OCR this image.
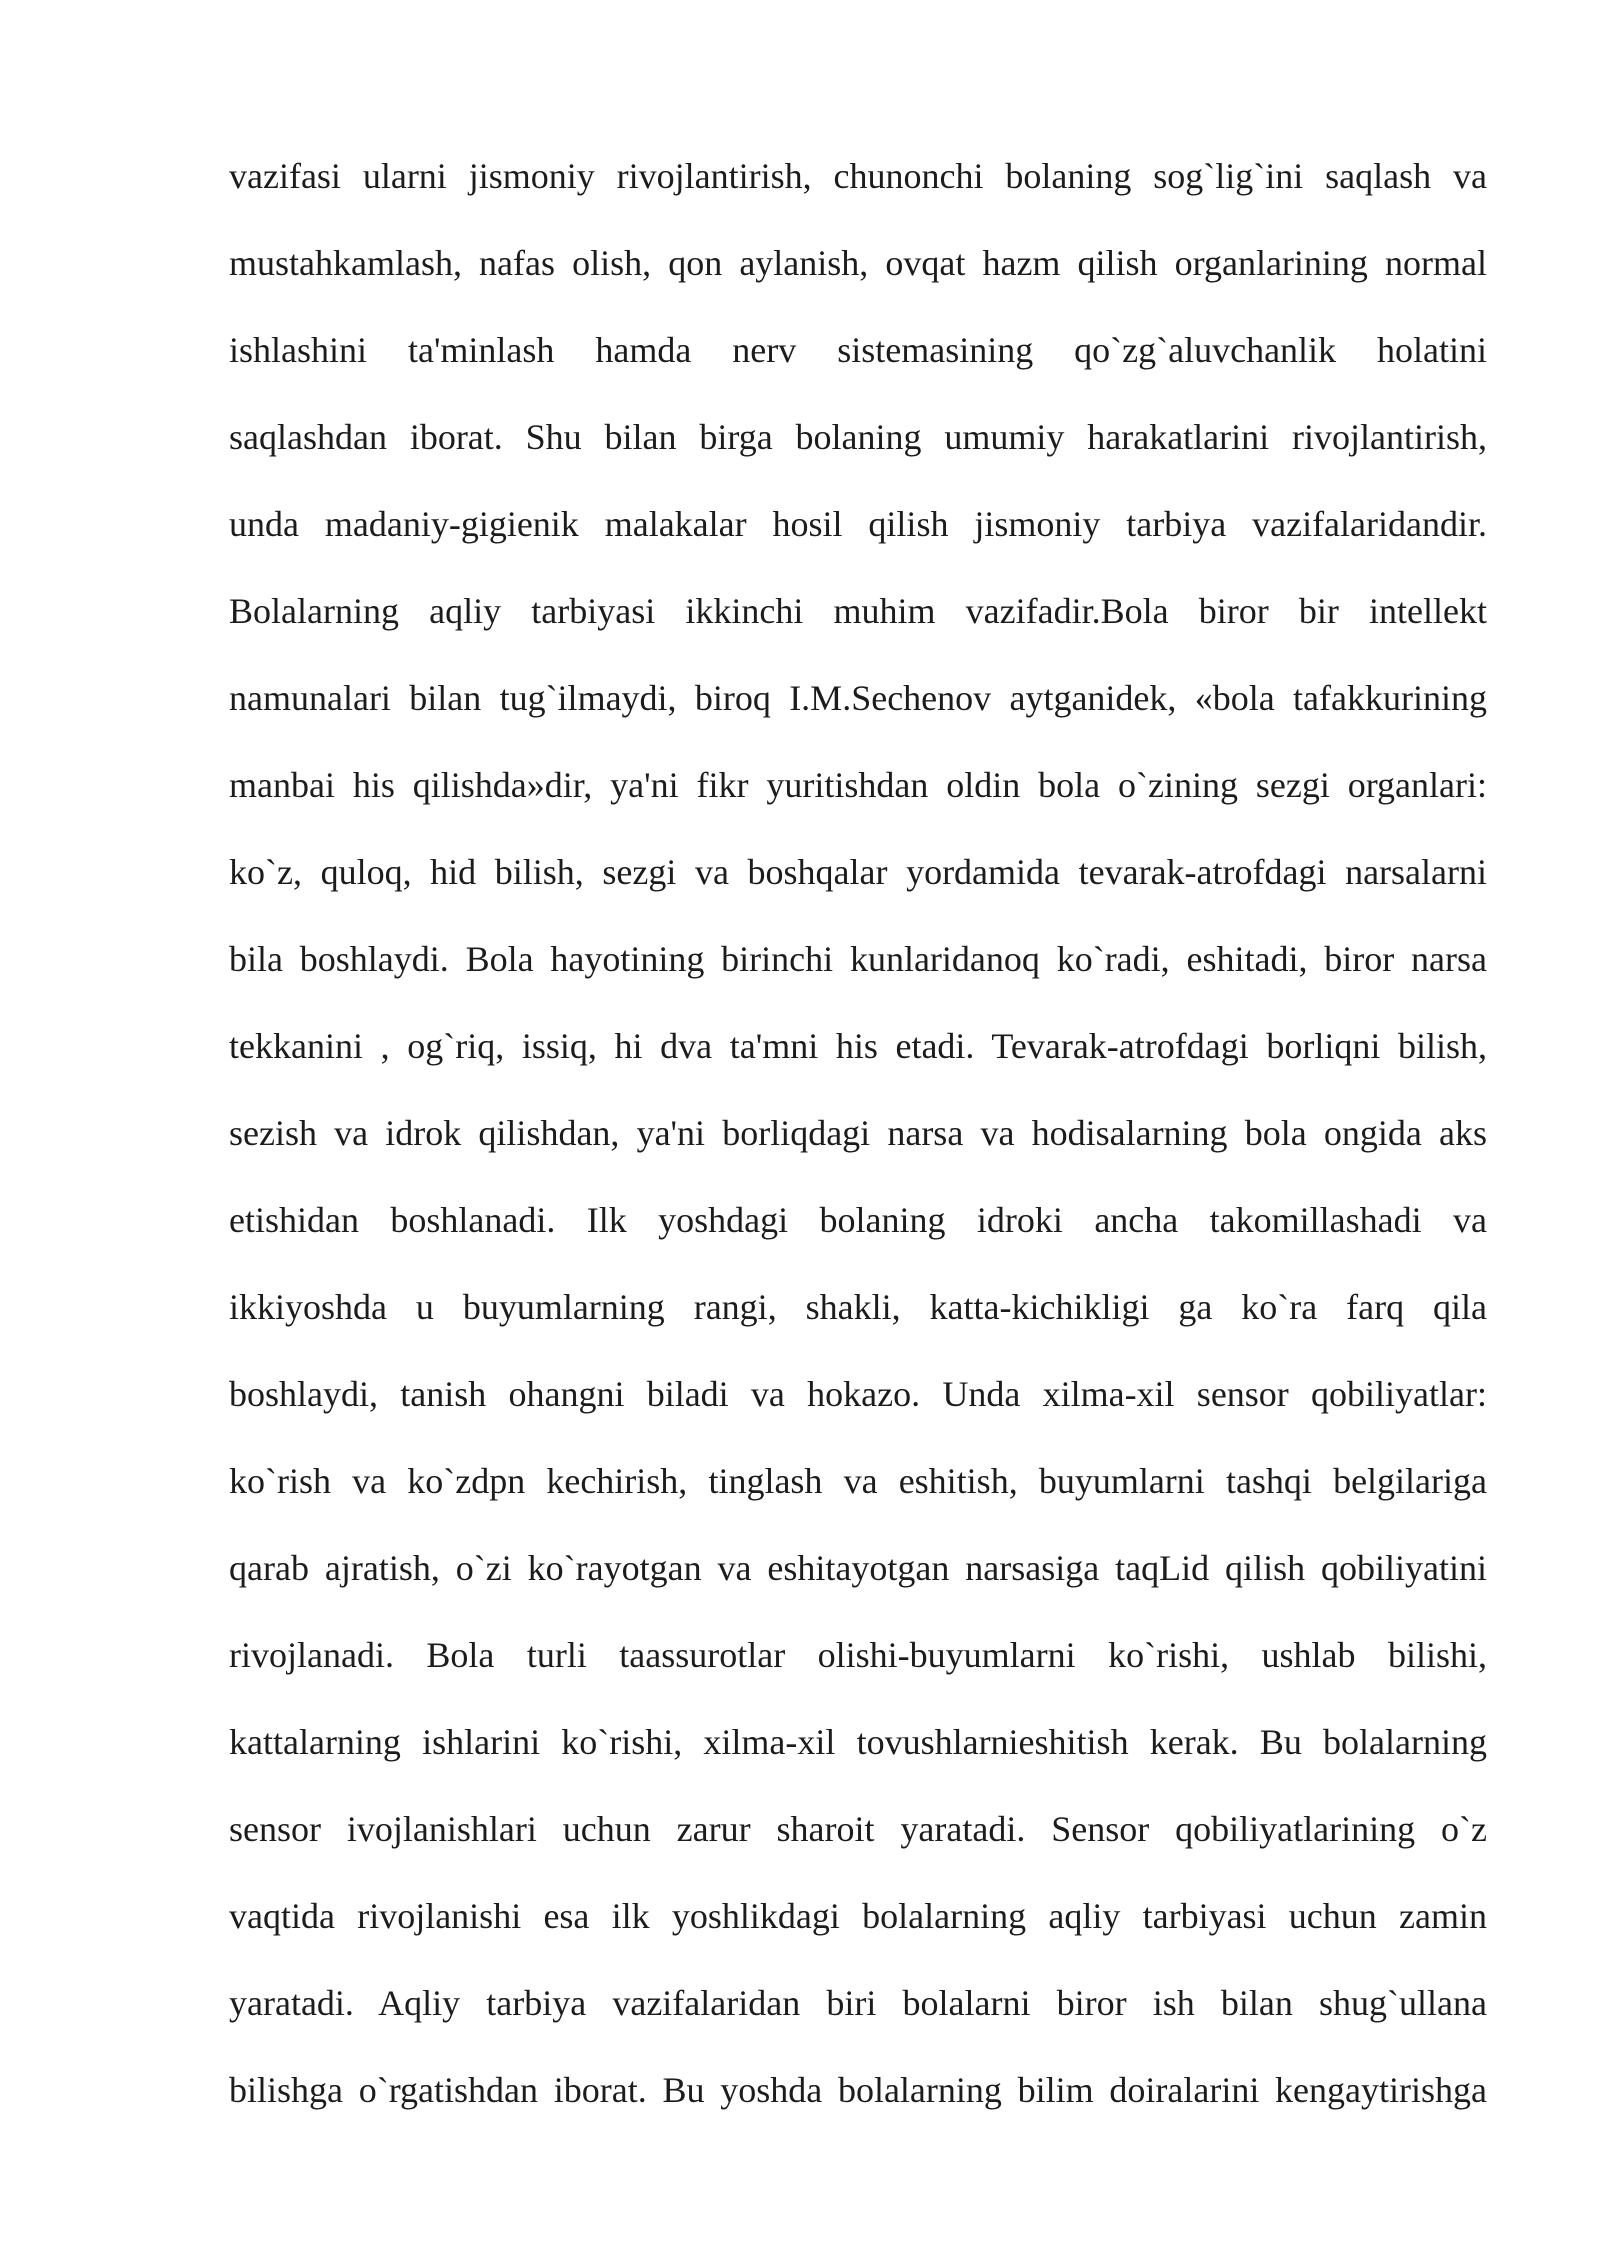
vazifasi ularni jismoniy rivojlantirish, chunonchi bolaning sog`lig`ini saqlash va
mustahkamlash, nafas olish, qon aylanish, ovqat hazm qilish organlarining normal
ishlashini ta'minlash hamda nerv sistemasining qo`zg`aluvchanlik holatini
saqlashdan iborat. Shu bilan birga bolaning umumiy harakatlarini rivojlantirish,
unda madaniy-gigienik malakalar hosil qilish jismoniy tarbiya vazifalaridandir.
Bolalarning aqliy tarbiyasi ikkinchi muhim vazifadir.Bola biror bir intellekt
namunalari bilan tug`ilmaydi, biroq I.M.Sechenov aytganidek, «bola tafakkurining
manbai his qilishda»dir, ya'ni fikr yuritishdan oldin bola o`zining sezgi organlari:
ko`z, quloq, hid bilish, sezgi va boshqalar yordamida tevarak-atrofdagi narsalarni
bila boshlaydi. Bola hayotining birinchi kunlaridanoq ko`radi, eshitadi, biror narsa
tekkanini , og`riq, issiq, hi dva ta'mni his etadi. Tevarak-atrofdagi borliqni bilish,
sezish va idrok qilishdan, ya'ni borliqdagi narsa va hodisalarning bola ongida aks
etishidan boshlanadi. Ilk yoshdagi bolaning idroki ancha takomillashadi va
ikkiyoshda u buyumlarning rangi, shakli, katta-kichikligi ga ko`ra farq qila
boshlaydi, tanish ohangni biladi va hokazo. Unda xilma-xil sensor qobiliyatlar:
ko`rish va ko`zdpn kechirish, tinglash va eshitish, buyumlarni tashqi belgilariga
qarab ajratish, o`zi ko`rayotgan va eshitayotgan narsasiga taqLid qilish qobiliyatini
rivojlanadi. Bola turli taassurotlar olishi-buyumlarni ko`rishi, ushlab bilishi,
kattalarning ishlarini ko`rishi, xilma-xil tovushlarnieshitish kerak. Bu bolalarning
sensor ivojlanishlari uchun zarur sharoit yaratadi. Sensor qobiliyatlarining o`z
vaqtida rivojlanishi esa ilk yoshlikdagi bolalarning aqliy tarbiyasi uchun zamin
yaratadi. Aqliy tarbiya vazifalaridan biri bolalarni biror ish bilan shug`ullana
bilishga o`rgatishdan iborat. Bu yoshda bolalarning bilim doiralarini kengaytirishga
